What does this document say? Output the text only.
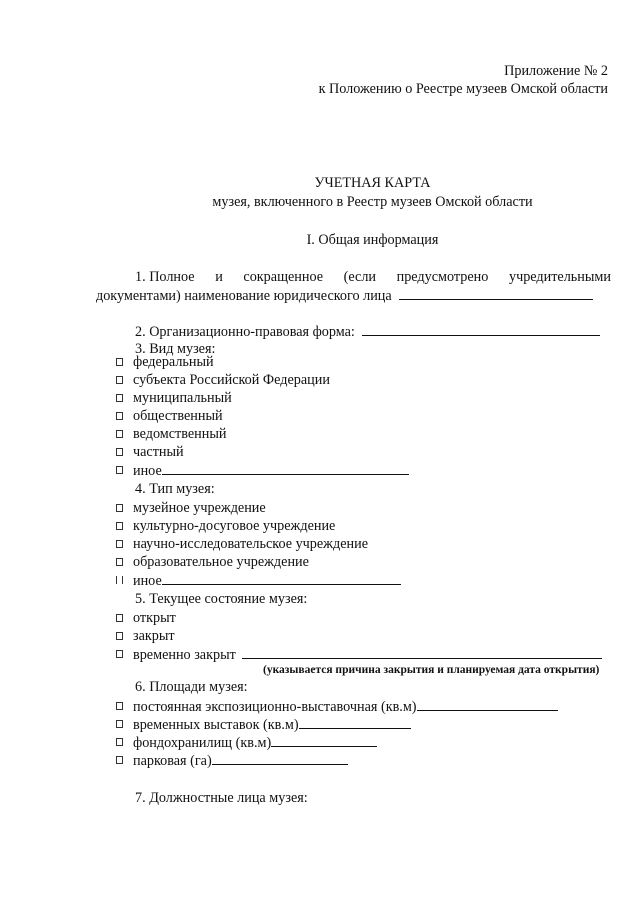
Приложение № 2
к Положению о Реестре музеев Омской области
УЧЕТНАЯ КАРТА
музея, включенного в Реестр музеев Омской области
I. Общая информация
1. Полное и сокращенное (если предусмотрено учредительными
документами) наименование юридического лица
2. Организационно-правовая форма:
3. Вид музея:
федеральный
субъекта Российской Федерации
муниципальный
общественный
ведомственный
частный
иное
4. Тип музея:
музейное учреждение
культурно-досуговое учреждение
научно-исследовательское учреждение
образовательное учреждение
иное
5. Текущее состояние музея:
открыт
закрыт
временно закрыт
(указывается причина закрытия и планируемая дата открытия)
6. Площади музея:
постоянная экспозиционно-выставочная (кв.м)
временных выставок (кв.м)
фондохранилищ (кв.м)
парковая (га)
7. Должностные лица музея:
